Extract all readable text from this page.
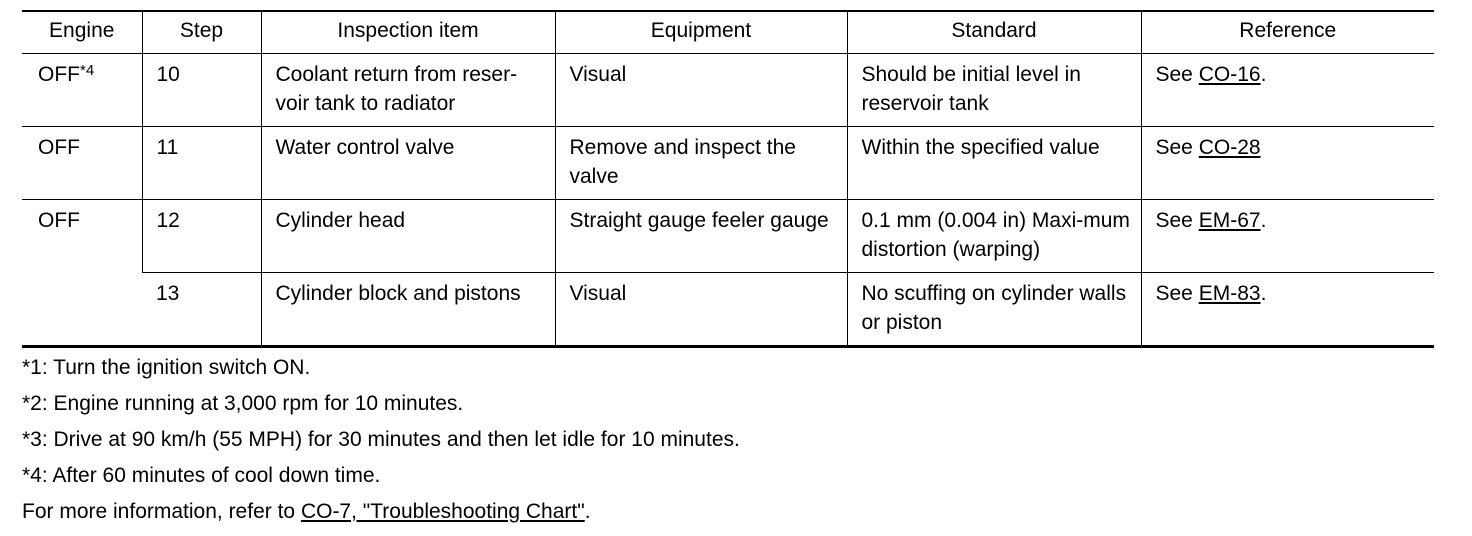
Engine	Step	Inspection item	Equipment	Standard	Reference
OFF$^{*4}$	10	Coolant return from reser-voir tank to radiator	Visual	Should be initial level in reservoir tank	See CO-16.
OFF	11	Water control valve	Remove and inspect the valve	Within the specified value	See CO-28
OFF	12	Cylinder head	Straight gauge feeler gauge	0.1 mm (0.004 in) Maxi-mum distortion (warping)	See EM-67.
	13	Cylinder block and pistons	Visual	No scuffing on cylinder walls or piston	See EM-83.
*1: Turn the ignition switch ON.
*2: Engine running at 3,000 rpm for 10 minutes.
*3: Drive at 90 km/h (55 MPH) for 30 minutes and then let idle for 10 minutes.
*4: After 60 minutes of cool down time.
For more information, refer to CO-7, "Troubleshooting Chart".
